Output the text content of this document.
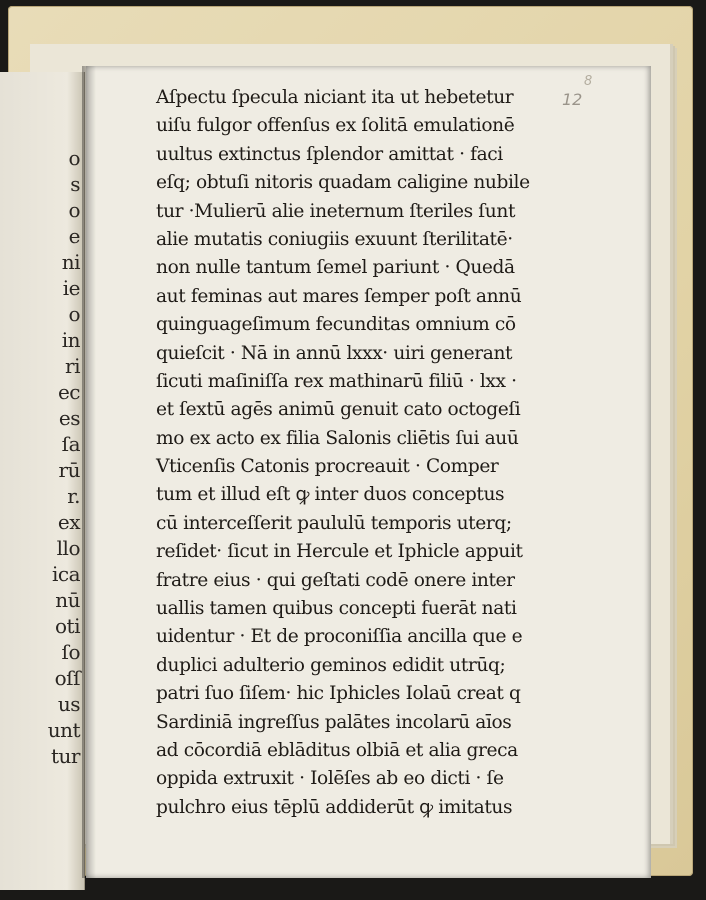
o
s
o
e
ni
ie
o
in
ri
ec
es
ſa
rū
r.
ex
llo
ica
nū
oti
ſo
oſſ
us
unt
tur
8
12
Aſpectu ſpecula niciant ita ut hebetetur
uiſu fulgor offenſus ex ſolitā emulationē
uultus extinctus ſplendor amittat · faci
eſq; obtuſi nitoris quadam caligine nubile
tur ·Mulierū alie ineternum ſteriles ſunt
alie mutatis coniugiis exuunt ſterilitatē·
non nulle tantum ſemel pariunt · Quedā
aut feminas aut mares ſemper poſt annū
quinguageſimum fecunditas omnium cō
quieſcit · Nā in annū lxxx· uiri generant
ſicuti maſiniſſa rex mathinarū filiū · lxx ·
et ſextū agēs animū genuit cato octogeſi
mo ex acto ex filia Salonis cliētis ſui auū
Vticenſis Catonis procreauit · Comper
tum et illud eſt ꝙ inter duos conceptus
cū interceſſerit paululū temporis uterq;
reſidet· ſicut in Hercule et Iphicle appuit
fratre eius · qui geſtati codē onere inter
uallis tamen quibus concepti fuerāt nati
uidentur · Et de proconiſſia ancilla que e
duplici adulterio geminos edidit utrūq;
patri ſuo ſiſem· hic Iphicles Iolaū creat q
Sardiniā ingreſſus palātes incolarū aīos
ad cōcordiā eblāditus olbiā et alia greca
oppida extruxit · Iolēſes ab eo dicti · ſe
pulchro eius tēplū addiderūt ꝙ imitatus
